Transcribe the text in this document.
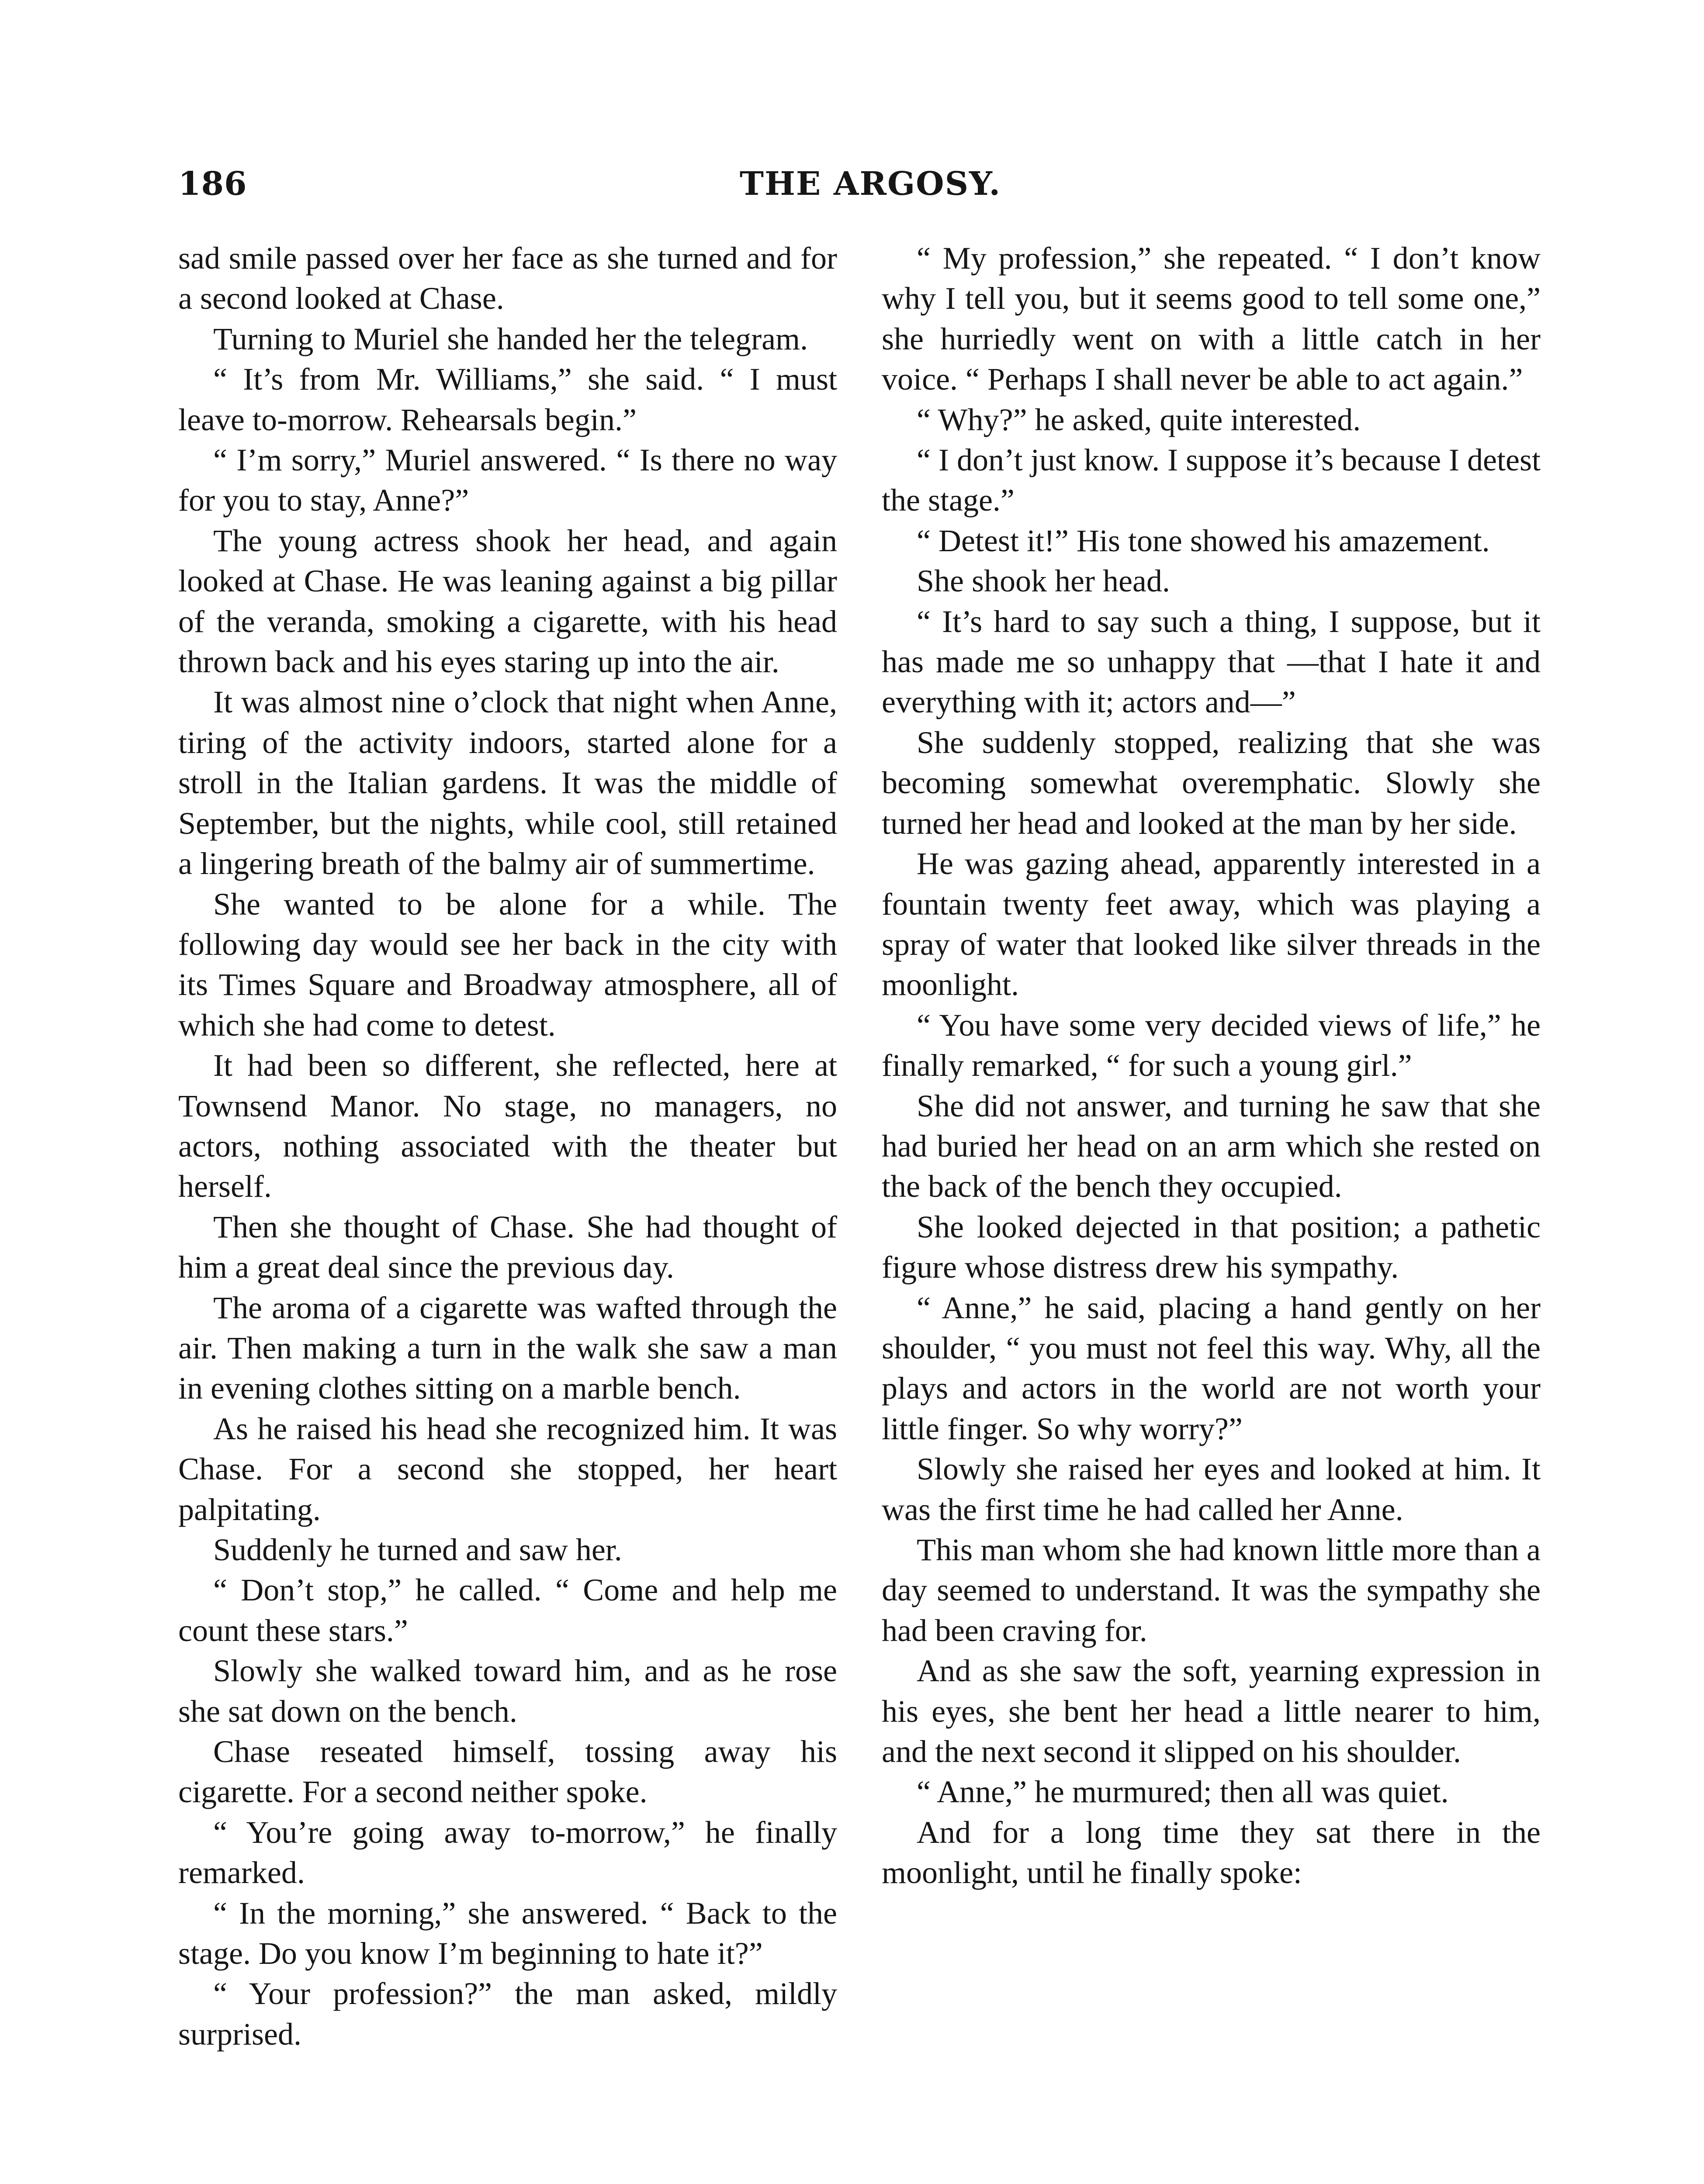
THE ARGOSY.
186

sad smile passed over her face as she turned and for a second looked at Chase.

Turning to Muriel she handed her the telegram.

“ It’s from Mr. Williams,” she said. “ I must leave to-morrow. Rehearsals begin.”

“ I’m sorry,” Muriel answered. “ Is there no way for you to stay, Anne?”

The young actress shook her head, and again looked at Chase. He was leaning against a big pillar of the veranda, smoking a cigarette, with his head thrown back and his eyes staring up into the air.

It was almost nine o’clock that night when Anne, tiring of the activity indoors, started alone for a stroll in the Italian gardens. It was the middle of September, but the nights, while cool, still retained a lingering breath of the balmy air of summertime.

She wanted to be alone for a while. The following day would see her back in the city with its Times Square and Broadway atmosphere, all of which she had come to detest.

It had been so different, she reflected, here at Townsend Manor. No stage, no managers, no actors, nothing associated with the theater but herself.

Then she thought of Chase. She had thought of him a great deal since the previous day.

The aroma of a cigarette was wafted through the air. Then making a turn in the walk she saw a man in evening clothes sitting on a marble bench.

As he raised his head she recognized him. It was Chase. For a second she stopped, her heart palpitating.

Suddenly he turned and saw her.

“ Don’t stop,” he called. “ Come and help me count these stars.”

Slowly she walked toward him, and as he rose she sat down on the bench.

Chase reseated himself, tossing away his cigarette. For a second neither spoke.

“ You’re going away to-morrow,” he finally remarked.

“ In the morning,” she answered. “ Back to the stage. Do you know I’m beginning to hate it?”

“ Your profession?” the man asked, mildly surprised.

“ My profession,” she repeated. “ I don’t know why I tell you, but it seems good to tell some one,” she hurriedly went on with a little catch in her voice. “ Perhaps I shall never be able to act again.”

“ Why?” he asked, quite interested.

“ I don’t just know. I suppose it’s because I detest the stage.”

“ Detest it!” His tone showed his amazement.

She shook her head.

“ It’s hard to say such a thing, I suppose, but it has made me so unhappy that —that I hate it and everything with it; actors and—”

She suddenly stopped, realizing that she was becoming somewhat overemphatic. Slowly she turned her head and looked at the man by her side.

He was gazing ahead, apparently interested in a fountain twenty feet away, which was playing a spray of water that looked like silver threads in the moonlight.

“ You have some very decided views of life,” he finally remarked, “ for such a young girl.”

She did not answer, and turning he saw that she had buried her head on an arm which she rested on the back of the bench they occupied.

She looked dejected in that position; a pathetic figure whose distress drew his sympathy.

“ Anne,” he said, placing a hand gently on her shoulder, “ you must not feel this way. Why, all the plays and actors in the world are not worth your little finger. So why worry?”

Slowly she raised her eyes and looked at him. It was the first time he had called her Anne.

This man whom she had known little more than a day seemed to understand. It was the sympathy she had been craving for.

And as she saw the soft, yearning expression in his eyes, she bent her head a little nearer to him, and the next second it slipped on his shoulder.

“ Anne,” he murmured; then all was quiet.

And for a long time they sat there in the moonlight, until he finally spoke:
